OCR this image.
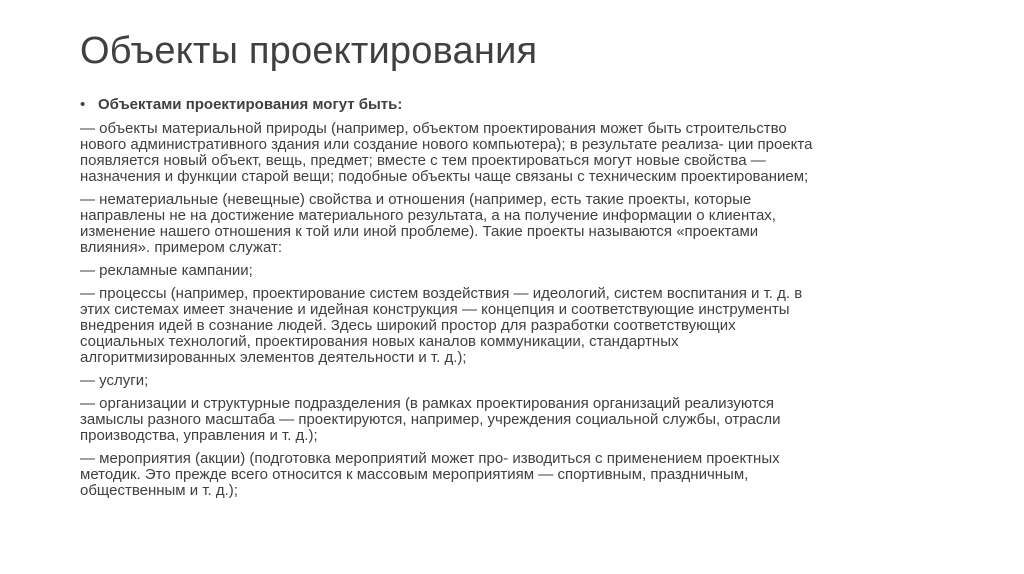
Объекты проектирования
• Объектами проектирования могут быть:
— объекты материальной природы (например, объектом проектирования может быть строительство
нового административного здания или создание нового компьютера); в результате реализа- ции проекта
появляется новый объект, вещь, предмет; вместе с тем проектироваться могут новые свойства —
назначения и функции старой вещи; подобные объекты чаще связаны с техническим проектированием;
— нематериальные (невещные) свойства и отношения (например, есть такие проекты, которые
направлены не на достижение материального результата, а на получение информации о клиентах,
изменение нашего отношения к той или иной проблеме). Такие проекты называются «проектами
влияния». примером служат:
— рекламные кампании;
— процессы (например, проектирование систем воздействия — идеологий, систем воспитания и т. д. в
этих системах имеет значение и идейная конструкция — концепция и соответствующие инструменты
внедрения идей в сознание людей. Здесь широкий простор для разработки соответствующих
социальных технологий, проектирования новых каналов коммуникации, стандартных
алгоритмизированных элементов деятельности и т. д.);
— услуги;
— организации и структурные подразделения (в рамках проектирования организаций реализуются
замыслы разного масштаба — проектируются, например, учреждения социальной службы, отрасли
производства, управления и т. д.);
— мероприятия (акции) (подготовка мероприятий может про- изводиться с применением проектных
методик. Это прежде всего относится к массовым мероприятиям — спортивным, праздничным,
общественным и т. д.);
